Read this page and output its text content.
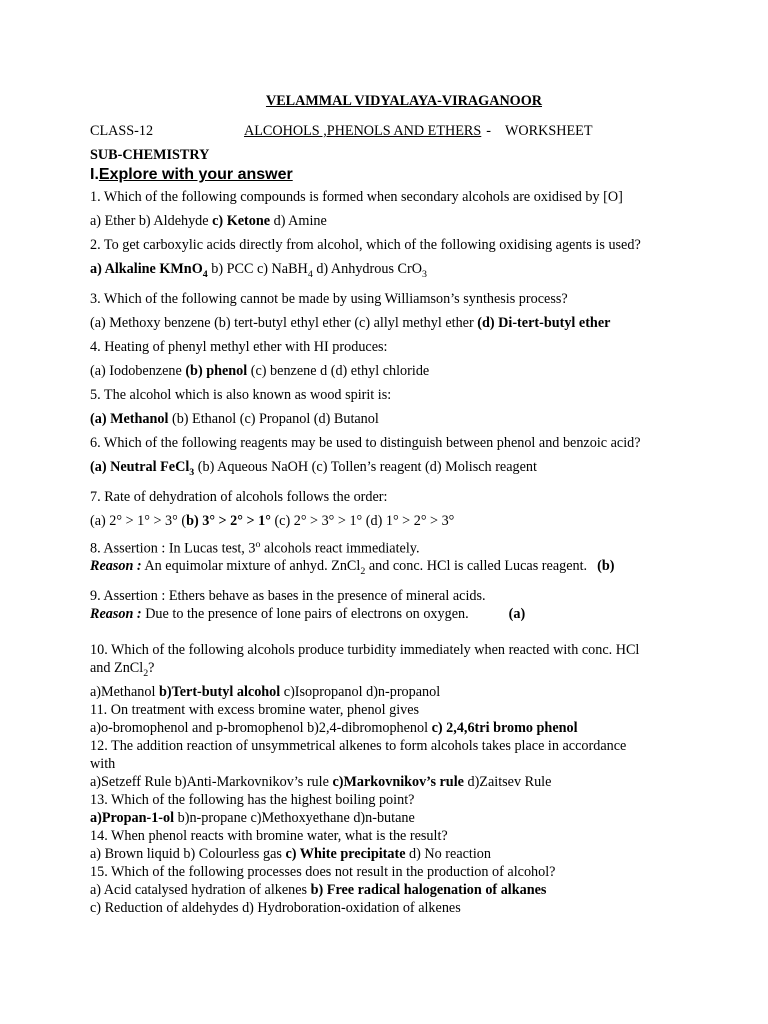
VELAMMAL VIDYALAYA-VIRAGANOOR
CLASS-12	ALCOHOLS ,PHENOLS AND ETHERS - WORKSHEET
SUB-CHEMISTRY
I.Explore with your answer
1. Which of the following compounds is formed when secondary alcohols are oxidised by [O]
a) Ether b) Aldehyde c) Ketone d) Amine
2. To get carboxylic acids directly from alcohol, which of the following oxidising agents is used?
a) Alkaline KMnO$_4$ b) PCC c) NaBH$_4$ d) Anhydrous CrO$_3$
3. Which of the following cannot be made by using Williamson’s synthesis process?
(a) Methoxy benzene (b) tert-butyl ethyl ether (c) allyl methyl ether (d) Di-tert-butyl ether
4. Heating of phenyl methyl ether with HI produces:
(a) Iodobenzene (b) phenol (c) benzene d (d) ethyl chloride
5. The alcohol which is also known as wood spirit is:
(a) Methanol (b) Ethanol (c) Propanol (d) Butanol
6. Which of the following reagents may be used to distinguish between phenol and benzoic acid?
(a) Neutral FeCl$_3$ (b) Aqueous NaOH (c) Tollen’s reagent (d) Molisch reagent
7. Rate of dehydration of alcohols follows the order:
(a) 2° > 1° > 3° (b) 3° > 2° > 1° (c) 2° > 3° > 1° (d) 1° > 2° > 3°
8. Assertion : In Lucas test, 3$^o$ alcohols react immediately.
Reason : An equimolar mixture of anhyd. ZnCl$_2$ and conc. HCl is called Lucas reagent. (b)
9. Assertion : Ethers behave as bases in the presence of mineral acids.
Reason : Due to the presence of lone pairs of electrons on oxygen.	(a)
10. Which of the following alcohols produce turbidity immediately when reacted with conc. HCl
and ZnCl$_2$?
a)Methanol b)Tert-butyl alcohol c)Isopropanol d)n-propanol
11. On treatment with excess bromine water, phenol gives
a)o-bromophenol and p-bromophenol b)2,4-dibromophenol c) 2,4,6tri bromo phenol
12. The addition reaction of unsymmetrical alkenes to form alcohols takes place in accordance
with
a)Setzeff Rule b)Anti-Markovnikov’s rule c)Markovnikov’s rule d)Zaitsev Rule
13. Which of the following has the highest boiling point?
a)Propan-1-ol b)n-propane c)Methoxyethane d)n-butane
14. When phenol reacts with bromine water, what is the result?
a) Brown liquid b) Colourless gas c) White precipitate d) No reaction
15. Which of the following processes does not result in the production of alcohol?
a) Acid catalysed hydration of alkenes b) Free radical halogenation of alkanes
c) Reduction of aldehydes d) Hydroboration-oxidation of alkenes
